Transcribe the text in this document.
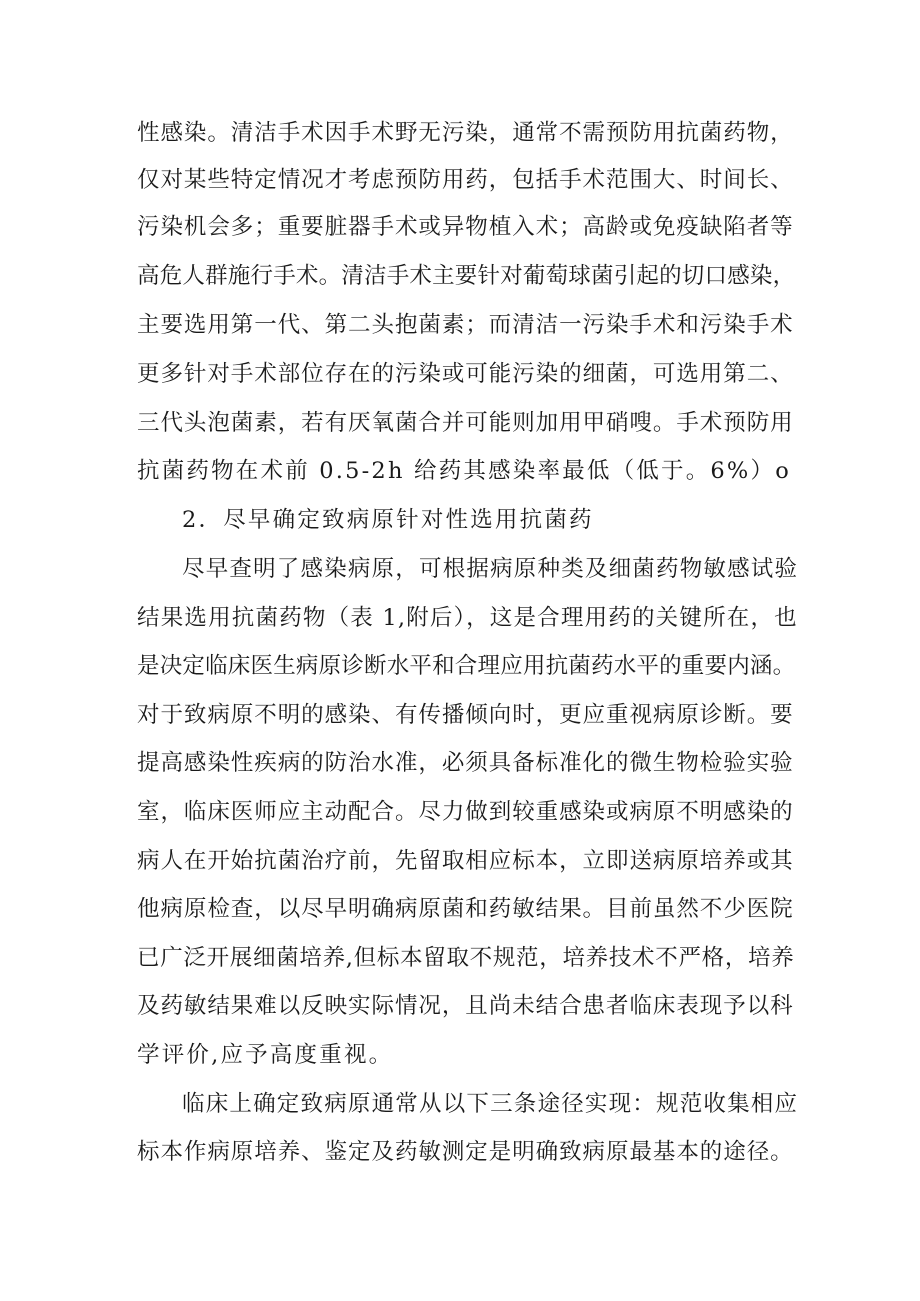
性感染。清洁手术因手术野无污染，通常不需预防用抗菌药物，
仅对某些特定情况才考虑预防用药，包括手术范围大、时间长、
污染机会多；重要脏器手术或异物植入术；高龄或免疫缺陷者等
高危人群施行手术。清洁手术主要针对葡萄球菌引起的切口感染，
主要选用第一代、第二头抱菌素；而清洁一污染手术和污染手术
更多针对手术部位存在的污染或可能污染的细菌，可选用第二、
三代头泡菌素，若有厌氧菌合并可能则加用甲硝嗖。手术预防用
抗菌药物在术前 0.5-2h 给药其感染率最低（低于。6%）o
2．尽早确定致病原针对性选用抗菌药
尽早查明了感染病原，可根据病原种类及细菌药物敏感试验
结果选用抗菌药物（表 1,附后），这是合理用药的关键所在，也
是决定临床医生病原诊断水平和合理应用抗菌药水平的重要内涵。
对于致病原不明的感染、有传播倾向时，更应重视病原诊断。要
提高感染性疾病的防治水准，必须具备标准化的微生物检验实验
室，临床医师应主动配合。尽力做到较重感染或病原不明感染的
病人在开始抗菌治疗前，先留取相应标本，立即送病原培养或其
他病原检查，以尽早明确病原菌和药敏结果。目前虽然不少医院
已广泛开展细菌培养,但标本留取不规范，培养技术不严格，培养
及药敏结果难以反映实际情况，且尚未结合患者临床表现予以科
学评价,应予高度重视。
临床上确定致病原通常从以下三条途径实现：规范收集相应
标本作病原培养、鉴定及药敏测定是明确致病原最基本的途径。
